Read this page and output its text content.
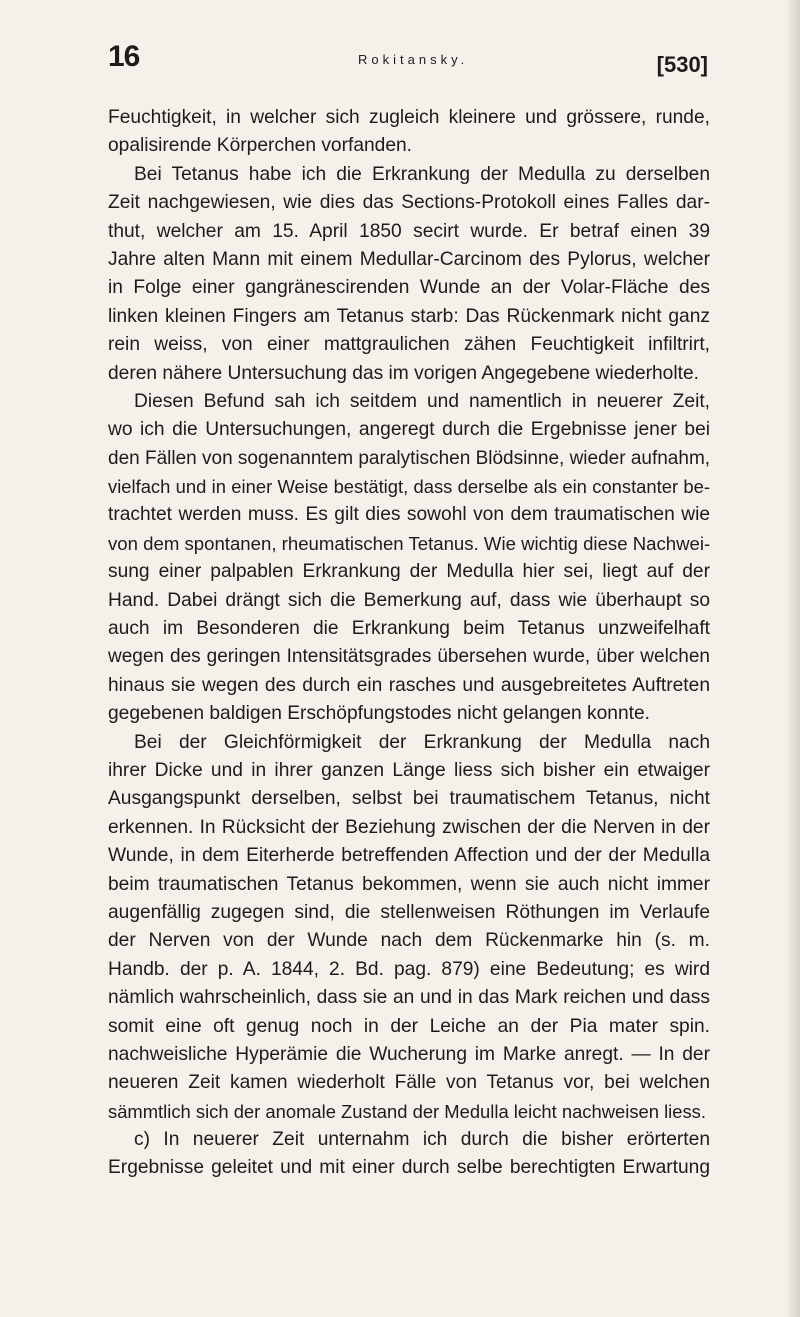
16	Rokitansky.	[530]
Feuchtigkeit, in welcher sich zugleich kleinere und grössere, runde,
opalisirende Körperchen vorfanden.
Bei Tetanus habe ich die Erkrankung der Medulla zu derselben
Zeit nachgewiesen, wie dies das Sections-Protokoll eines Falles dar-
thut, welcher am 15. April 1850 secirt wurde. Er betraf einen 39
Jahre alten Mann mit einem Medullar-Carcinom des Pylorus, welcher
in Folge einer gangränescirenden Wunde an der Volar-Fläche des
linken kleinen Fingers am Tetanus starb: Das Rückenmark nicht ganz
rein weiss, von einer mattgraulichen zähen Feuchtigkeit infiltrirt,
deren nähere Untersuchung das im vorigen Angegebene wiederholte.
Diesen Befund sah ich seitdem und namentlich in neuerer Zeit,
wo ich die Untersuchungen, angeregt durch die Ergebnisse jener bei
den Fällen von sogenanntem paralytischen Blödsinne, wieder aufnahm,
vielfach und in einer Weise bestätigt, dass derselbe als ein constanter be-
trachtet werden muss. Es gilt dies sowohl von dem traumatischen wie
von dem spontanen, rheumatischen Tetanus. Wie wichtig diese Nachwei-
sung einer palpablen Erkrankung der Medulla hier sei, liegt auf der
Hand. Dabei drängt sich die Bemerkung auf, dass wie überhaupt so
auch im Besonderen die Erkrankung beim Tetanus unzweifelhaft
wegen des geringen Intensitätsgrades übersehen wurde, über welchen
hinaus sie wegen des durch ein rasches und ausgebreitetes Auftreten
gegebenen baldigen Erschöpfungstodes nicht gelangen konnte.
Bei der Gleichförmigkeit der Erkrankung der Medulla nach
ihrer Dicke und in ihrer ganzen Länge liess sich bisher ein etwaiger
Ausgangspunkt derselben, selbst bei traumatischem Tetanus, nicht
erkennen. In Rücksicht der Beziehung zwischen der die Nerven in der
Wunde, in dem Eiterherde betreffenden Affection und der der Medulla
beim traumatischen Tetanus bekommen, wenn sie auch nicht immer
augenfällig zugegen sind, die stellenweisen Röthungen im Verlaufe
der Nerven von der Wunde nach dem Rückenmarke hin (s. m.
Handb. der p. A. 1844, 2. Bd. pag. 879) eine Bedeutung; es wird
nämlich wahrscheinlich, dass sie an und in das Mark reichen und dass
somit eine oft genug noch in der Leiche an der Pia mater spin.
nachweisliche Hyperämie die Wucherung im Marke anregt. — In der
neueren Zeit kamen wiederholt Fälle von Tetanus vor, bei welchen
sämmtlich sich der anomale Zustand der Medulla leicht nachweisen liess.
c) In neuerer Zeit unternahm ich durch die bisher erörterten
Ergebnisse geleitet und mit einer durch selbe berechtigten Erwartung
